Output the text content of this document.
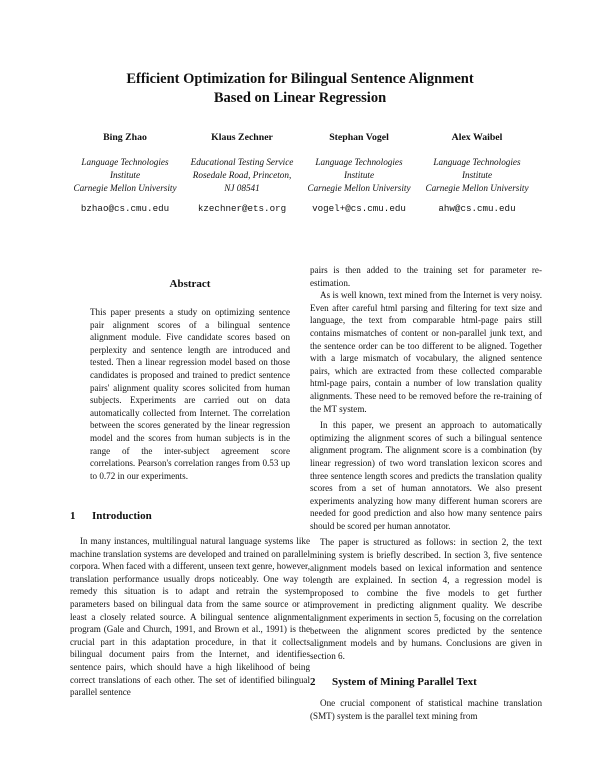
Efficient Optimization for Bilingual Sentence Alignment
Based on Linear Regression
Bing Zhao
Language Technologies
Institute
Carnegie Mellon University
bzhao@cs.cmu.edu
Klaus Zechner
Educational Testing Service
Rosedale Road, Princeton,
NJ 08541
kzechner@ets.org
Stephan Vogel
Language Technologies
Institute
Carnegie Mellon University
vogel+@cs.cmu.edu
Alex Waibel
Language Technologies
Institute
Carnegie Mellon University
ahw@cs.cmu.edu
Abstract

This paper presents a study on optimizing sentence pair alignment scores of a bilingual sentence alignment module. Five candidate scores based on perplexity and sentence length are introduced and tested. Then a linear regression model based on those candidates is proposed and trained to predict sentence pairs' alignment quality scores solicited from human subjects. Experiments are carried out on data automatically collected from Internet. The correlation between the scores generated by the linear regression model and the scores from human subjects is in the range of the inter-subject agreement score correlations. Pearson's correlation ranges from 0.53 up to 0.72 in our experiments.

1 Introduction

In many instances, multilingual natural language systems like machine translation systems are developed and trained on parallel corpora. When faced with a different, unseen text genre, however, translation performance usually drops noticeably. One way to remedy this situation is to adapt and retrain the system parameters based on bilingual data from the same source or at least a closely related source. A bilingual sentence alignment program (Gale and Church, 1991, and Brown et al., 1991) is the crucial part in this adaptation procedure, in that it collects bilingual document pairs from the Internet, and identifies sentence pairs, which should have a high likelihood of being correct translations of each other. The set of identified bilingual parallel sentence

pairs is then added to the training set for parameter re-estimation.

As is well known, text mined from the Internet is very noisy. Even after careful html parsing and filtering for text size and language, the text from comparable html-page pairs still contains mismatches of content or non-parallel junk text, and the sentence order can be too different to be aligned. Together with a large mismatch of vocabulary, the aligned sentence pairs, which are extracted from these collected comparable html-page pairs, contain a number of low translation quality alignments. These need to be removed before the re-training of the MT system.

In this paper, we present an approach to automatically optimizing the alignment scores of such a bilingual sentence alignment program. The alignment score is a combination (by linear regression) of two word translation lexicon scores and three sentence length scores and predicts the translation quality scores from a set of human annotators. We also present experiments analyzing how many different human scorers are needed for good prediction and also how many sentence pairs should be scored per human annotator.

The paper is structured as follows: in section 2, the text mining system is briefly described. In section 3, five sentence alignment models based on lexical information and sentence length are explained. In section 4, a regression model is proposed to combine the five models to get further improvement in predicting alignment quality. We describe alignment experiments in section 5, focusing on the correlation between the alignment scores predicted by the sentence alignment models and by humans. Conclusions are given in section 6.

2 System of Mining Parallel Text

One crucial component of statistical machine translation (SMT) system is the parallel text mining from
